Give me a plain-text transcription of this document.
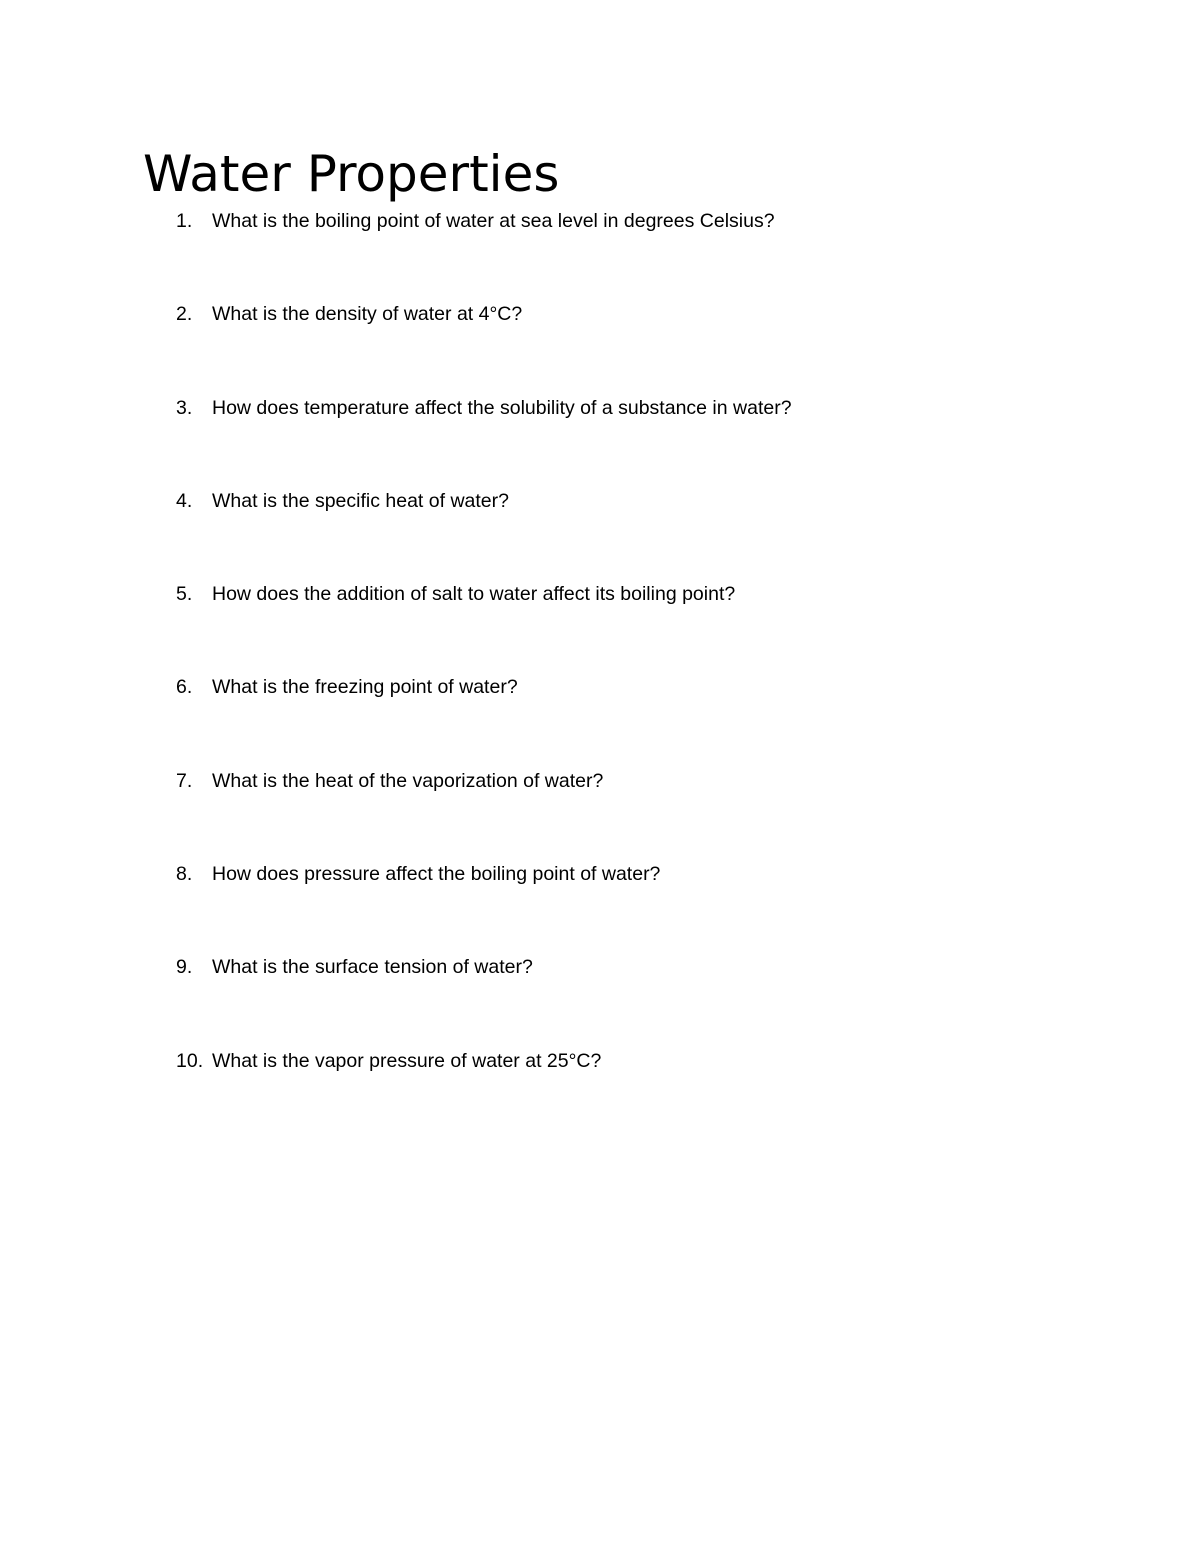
Water Properties
1. What is the boiling point of water at sea level in degrees Celsius?
2. What is the density of water at 4°C?
3. How does temperature affect the solubility of a substance in water?
4. What is the specific heat of water?
5. How does the addition of salt to water affect its boiling point?
6. What is the freezing point of water?
7. What is the heat of the vaporization of water?
8. How does pressure affect the boiling point of water?
9. What is the surface tension of water?
10. What is the vapor pressure of water at 25°C?
